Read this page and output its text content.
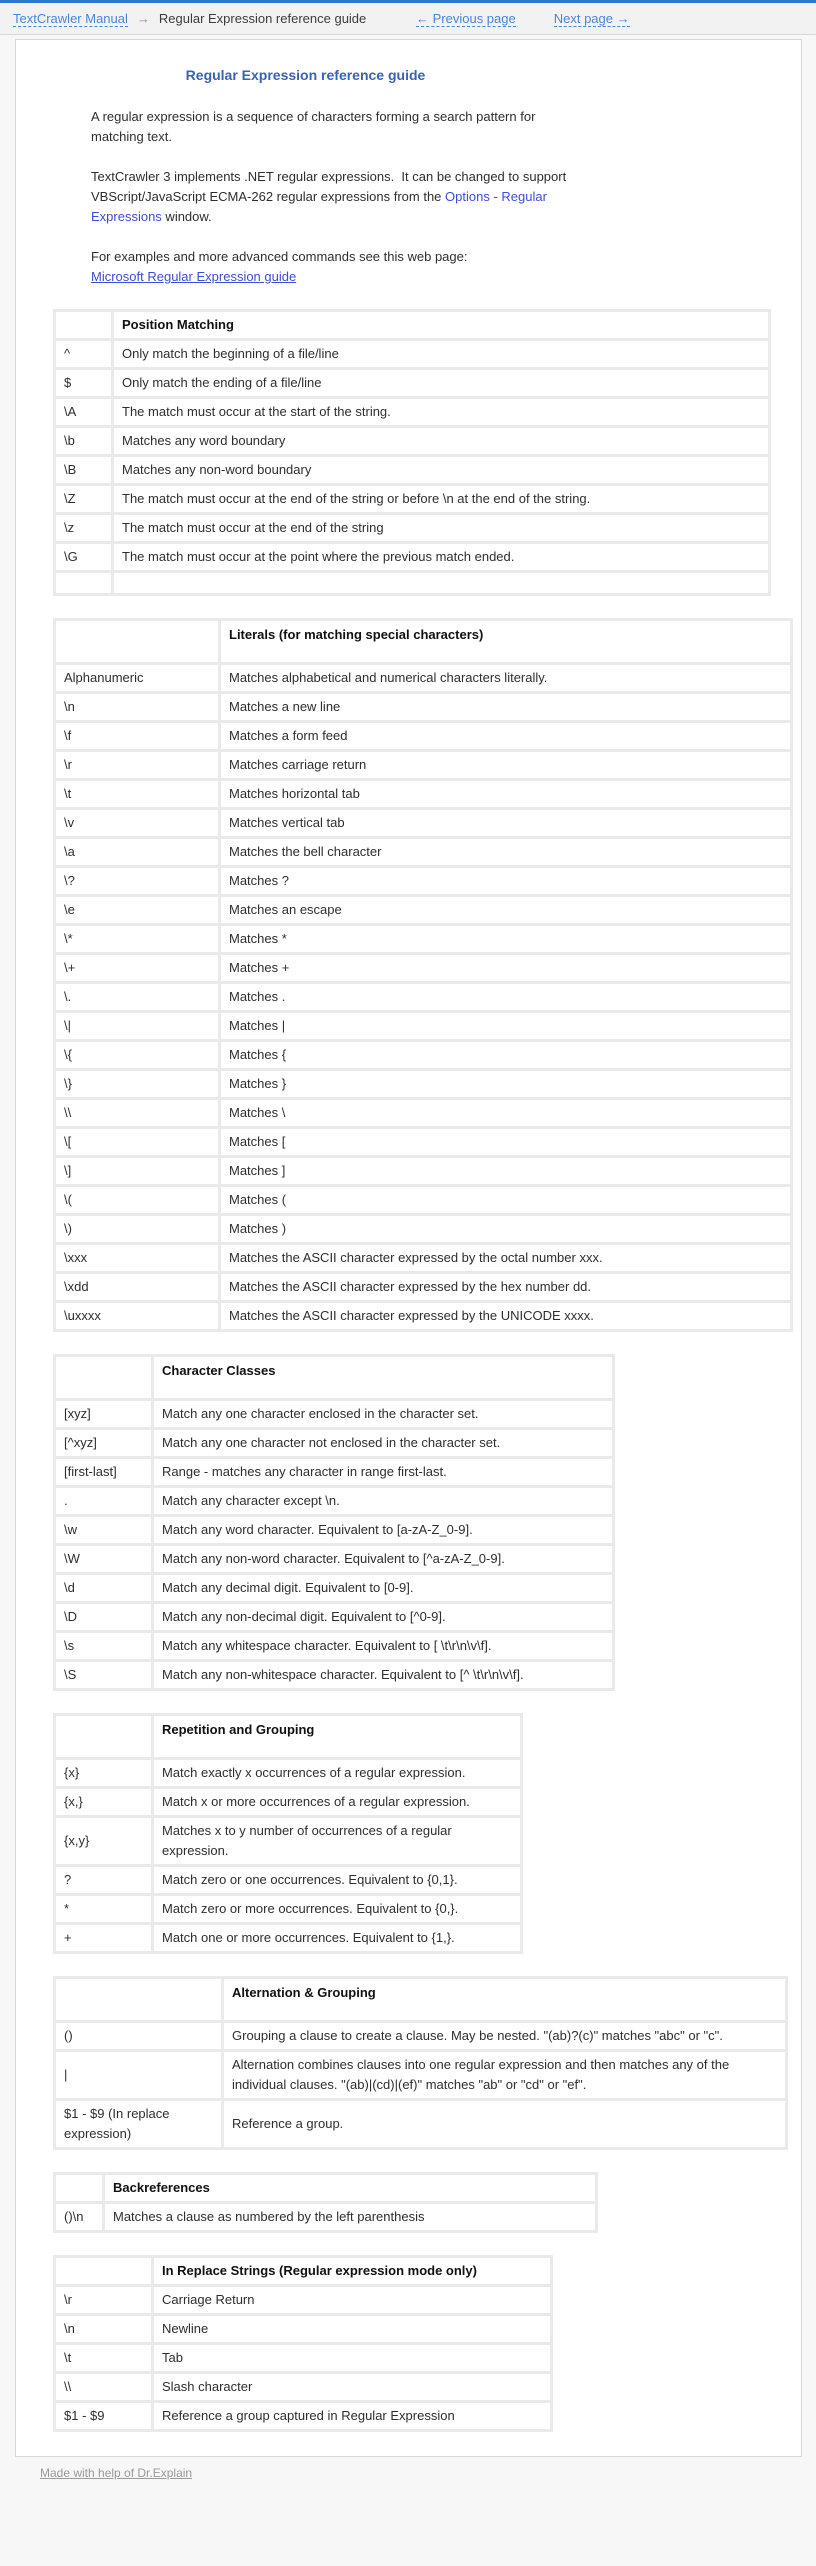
TextCrawler Manual → Regular Expression reference guide	← Previous page	Next page →
Regular Expression reference guide

A regular expression is a sequence of characters forming a search pattern for matching text.

TextCrawler 3 implements .NET regular expressions.  It can be changed to support VBScript/JavaScript ECMA-262 regular expressions from the Options - Regular Expressions window.

For examples and more advanced commands see this web page:
Microsoft Regular Expression guide

	Position Matching
^	Only match the beginning of a file/line
$	Only match the ending of a file/line
\A	The match must occur at the start of the string.
\b	Matches any word boundary
\B	Matches any non-word boundary
\Z	The match must occur at the end of the string or before \n at the end of the string.
\z	The match must occur at the end of the string
\G	The match must occur at the point where the previous match ended.

	Literals (for matching special characters)
Alphanumeric	Matches alphabetical and numerical characters literally.
\n	Matches a new line
\f	Matches a form feed
\r	Matches carriage return
\t	Matches horizontal tab
\v	Matches vertical tab
\a	Matches the bell character
\?	Matches ?
\e	Matches an escape
\*	Matches *
\+	Matches +
\.	Matches .
\|	Matches |
\{	Matches {
\}	Matches }
\\	Matches \
\[	Matches [
\]	Matches ]
\(	Matches (
\)	Matches )
\xxx	Matches the ASCII character expressed by the octal number xxx.
\xdd	Matches the ASCII character expressed by the hex number dd.
\uxxxx	Matches the ASCII character expressed by the UNICODE xxxx.
	Character Classes
[xyz]	Match any one character enclosed in the character set.
[^xyz]	Match any one character not enclosed in the character set.
[first-last]	Range - matches any character in range first-last.
.	Match any character except \n.
\w	Match any word character. Equivalent to [a-zA-Z_0-9].
\W	Match any non-word character. Equivalent to [^a-zA-Z_0-9].
\d	Match any decimal digit. Equivalent to [0-9].
\D	Match any non-decimal digit. Equivalent to [^0-9].
\s	Match any whitespace character. Equivalent to [ \t\r\n\v\f].
\S	Match any non-whitespace character. Equivalent to [^ \t\r\n\v\f].
	Repetition and Grouping
{x}	Match exactly x occurrences of a regular expression.
{x,}	Match x or more occurrences of a regular expression.
{x,y}	Matches x to y number of occurrences of a regular expression.
?	Match zero or one occurrences. Equivalent to {0,1}.
*	Match zero or more occurrences. Equivalent to {0,}.
+	Match one or more occurrences. Equivalent to {1,}.
	Alternation & Grouping
()	Grouping a clause to create a clause. May be nested. "(ab)?(c)" matches "abc" or "c".
|	Alternation combines clauses into one regular expression and then matches any of the individual clauses. "(ab)|(cd)|(ef)" matches "ab" or "cd" or "ef".
$1 - $9 (In replace expression)	Reference a group.
	Backreferences
()\n	Matches a clause as numbered by the left parenthesis
	In Replace Strings (Regular expression mode only)
\r	Carriage Return
\n	Newline
\t	Tab
\\	Slash character
$1 - $9	Reference a group captured in Regular Expression
Made with help of Dr.Explain
